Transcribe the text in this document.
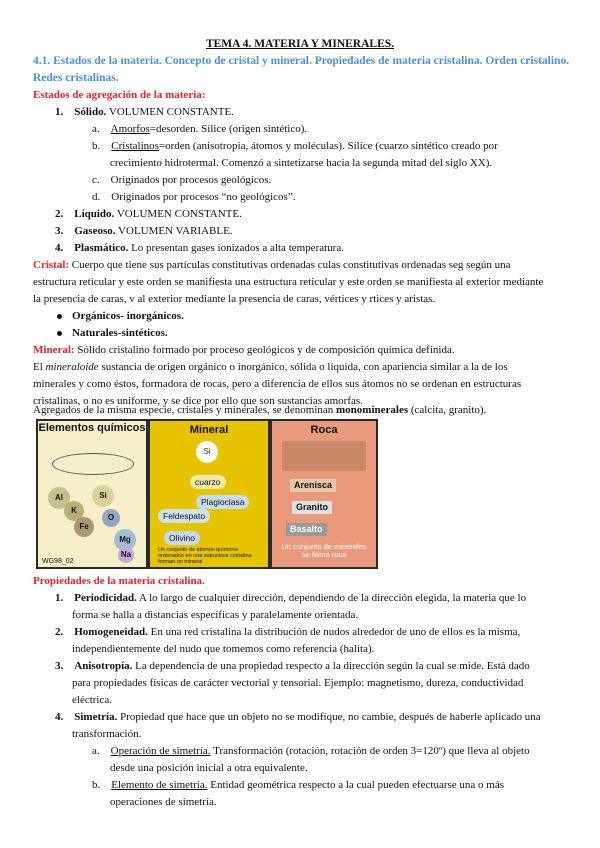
TEMA 4. MATERIA Y MINERALES.
4.1. Estados de la materia. Concepto de cristal y mineral. Propiedades de materia cristalina. Orden cristalino. Redes cristalinas.
Estados de agregación de la materia:
1. Sólido. VOLUMEN CONSTANTE.
a. Amorfos=desorden. Sílice (origen sintético).
b. Cristalinos=orden (anisotropía, átomos y moléculas). Sílice (cuarzo sintético creado por
crecimiento hidrotermal. Comenzó a sintetizarse hacia la segunda mitad del siglo XX).
c. Originados por procesos geológicos.
d. Originados por procesos “no geológicos”.
2. Líquido. VOLUMEN CONSTANTE.
3. Gaseoso. VOLUMEN VARIABLE.
4. Plasmático. Lo presentan gases ionizados a alta temperatura.
Cristal: Cuerpo que tiene sus partículas constitutivas ordenadas culas constitutivas ordenadas seg según una
estructura reticular y este orden se manifiesta una estructura reticular y este orden se manifiesta al exterior mediante
la presencia de caras, v al exterior mediante la presencia de caras, vértices y rtices y aristas.
Orgánicos- inorgánicos.
Naturales-sintéticos.
Mineral: Sólido cristalino formado por proceso geológicos y de composición química definida.
El mineraloide sustancia de origen orgánico o inorgánico, sólida o líquida, con apariencia similar a la de los
minerales y como éstos, formadora de rocas, pero a diferencia de ellos sus átomos no se ordenan en estructuras
cristalinas, o no es uniforme, y se dice por ello que son sustancias amorfas.
Agregados de la misma especie, cristales y minerales, se denominan monominerales (calcita, granito).
Elementos químicos
Al
K
Si
O
Fe
Mg
Na
WG98_02
Mineral
Si
cuarzo
Plagioclasa
Feldespato
Olivino
Un conjunto de átomos químicos ordenados en una estructura cristalina forman un mineral
Roca
Arenisca
Granito
Basalto
Un conjunto de minerales se llama roca
Propiedades de la materia cristalina.
1. Periodicidad. A lo largo de cualquier dirección, dependiendo de la dirección elegida, la materia que lo
forma se halla a distancias específicas y paralelamente orientada.
2. Homogeneidad. En una red cristalina la distribución de nudos alrededor de uno de ellos es la misma,
independientemente del nudo que tomemos como referencia (halita).
3. Anisotropía. La dependencia de una propiedad respecto a la dirección según la cual se mide. Está dado
para propiedades físicas de carácter vectorial y tensorial. Ejemplo: magnetismo, dureza, conductividad
eléctrica.
4. Simetría. Propiedad que hace que un objeto no se modifique, no cambie, después de haberle aplicado una
transformación.
a. Operación de simetría. Transformación (rotación, rotación de orden 3=120º) que lleva al objeto
desde una posición inicial a otra equivalente.
b. Elemento de simetría. Entidad geométrica respecto a la cual pueden efectuarse una o más
operaciones de simetría.
